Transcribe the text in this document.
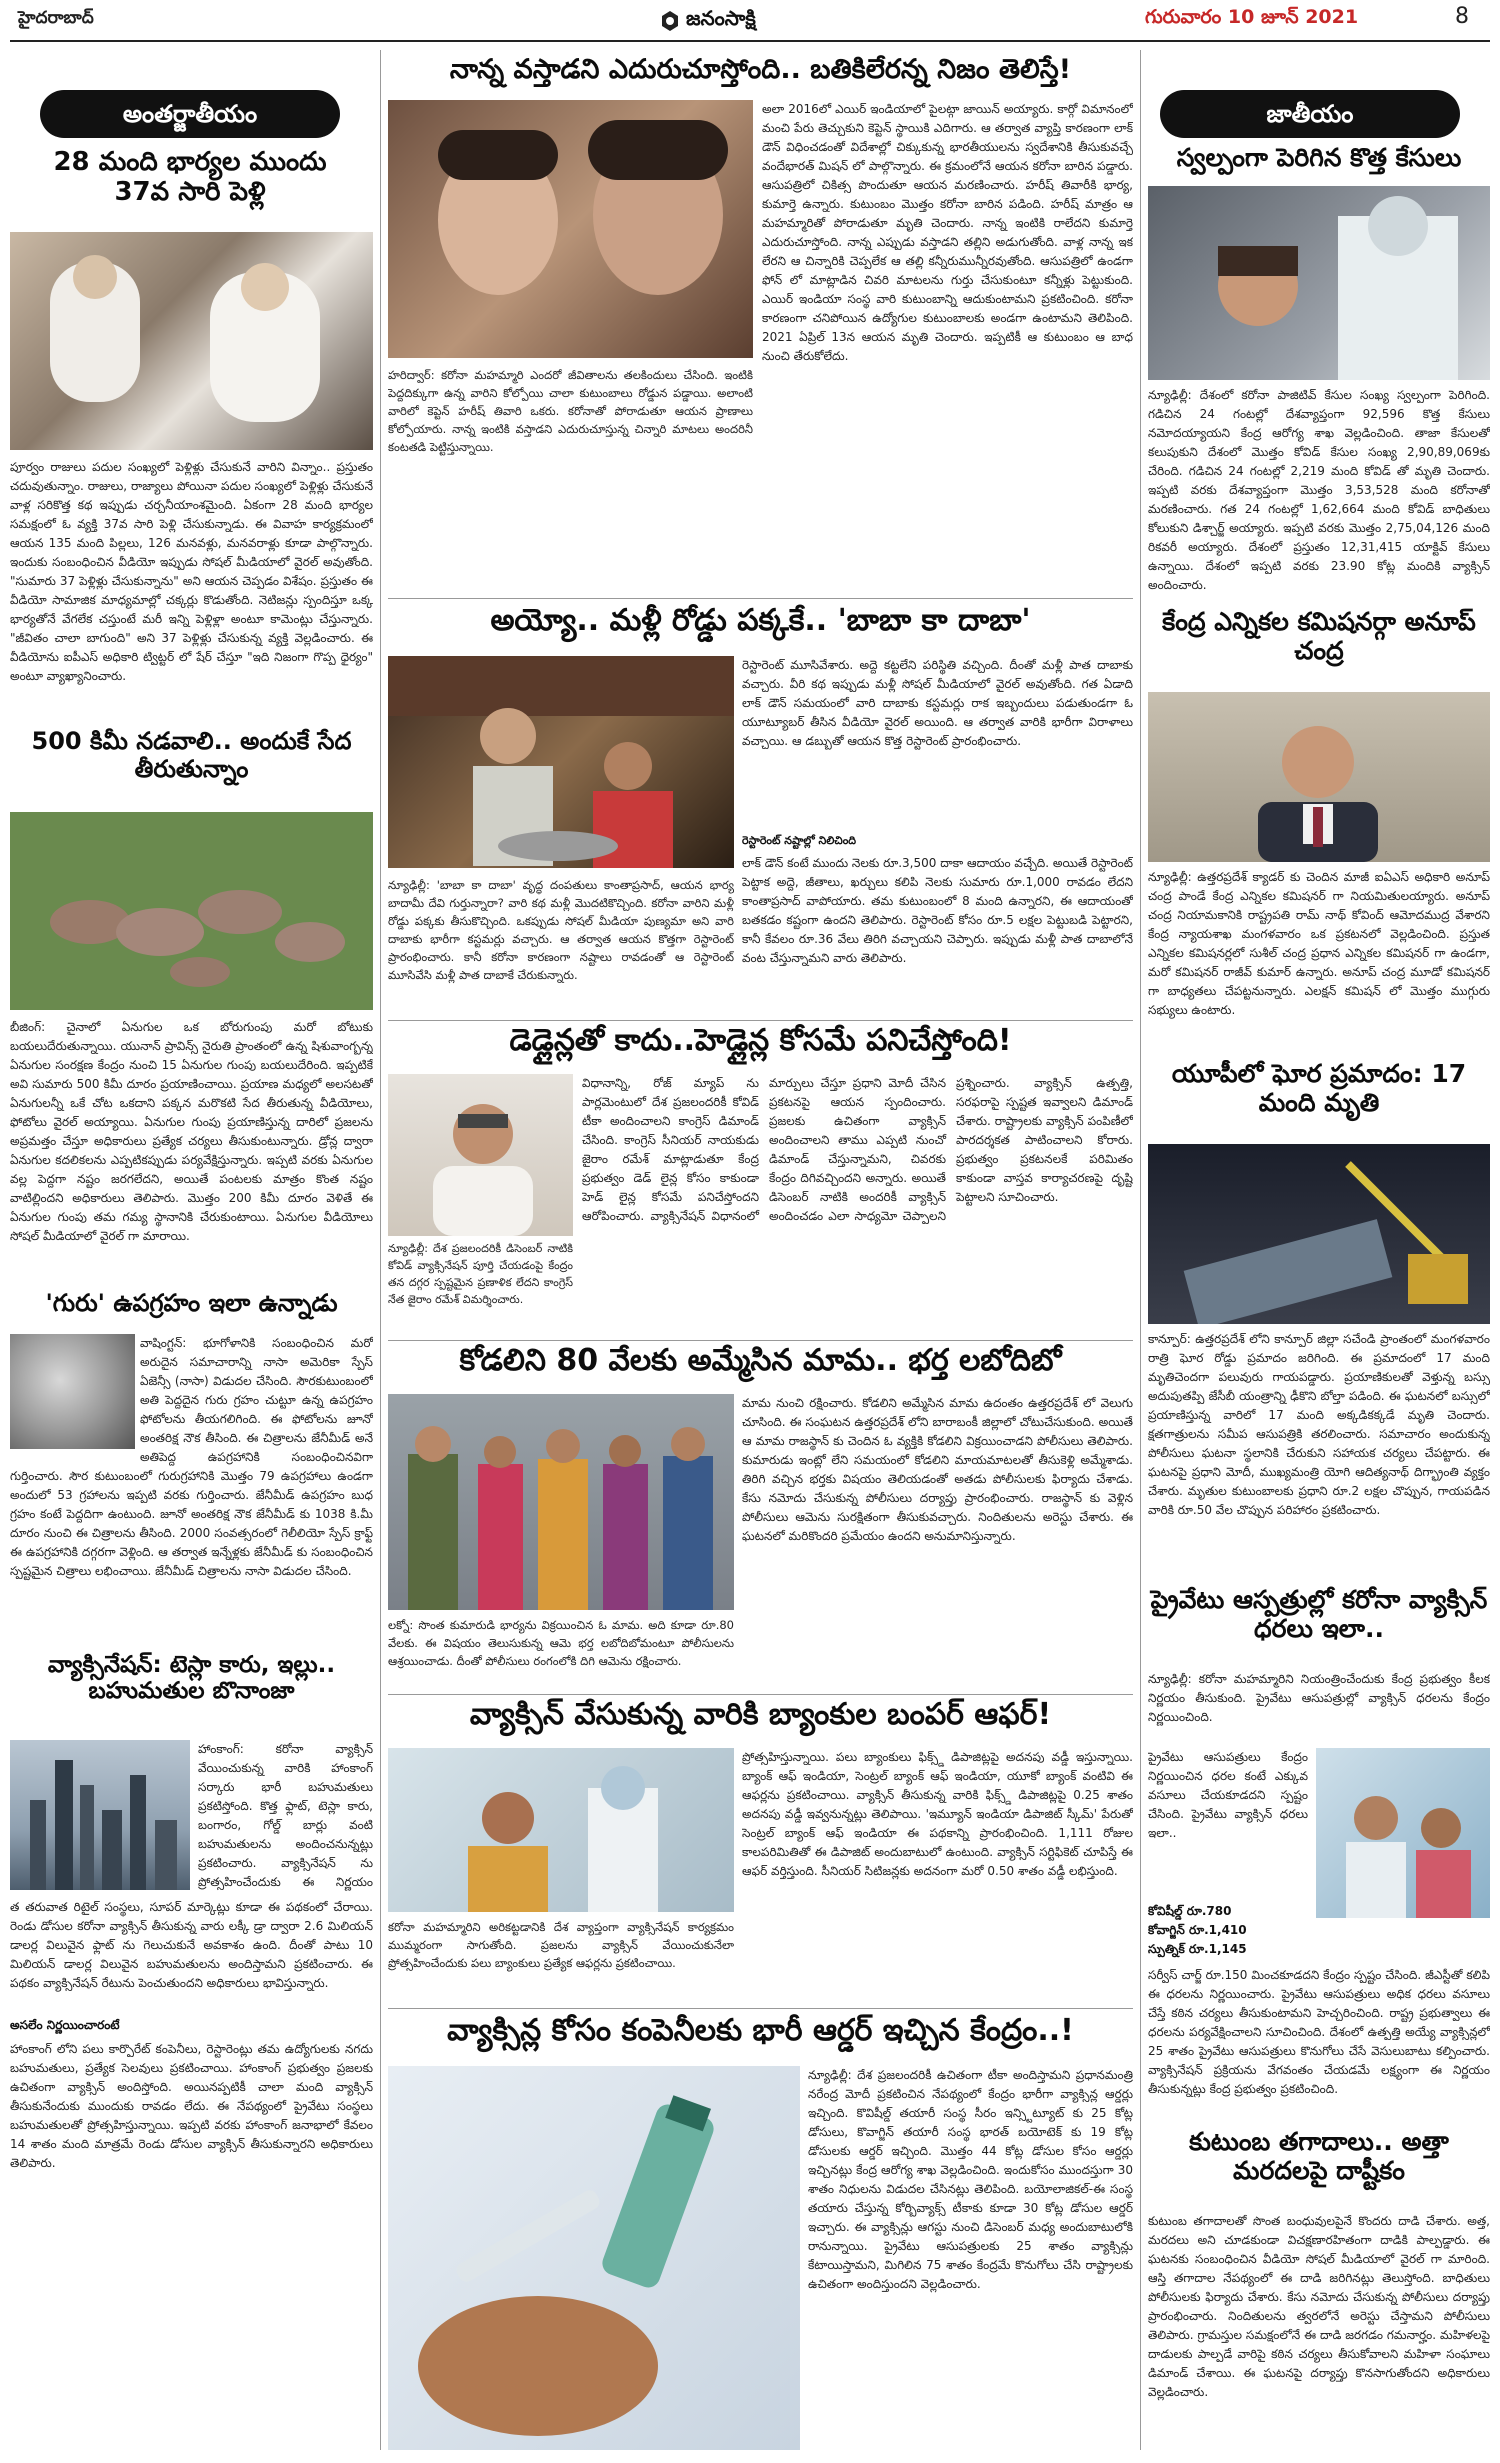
హైదరాబాద్	జనంసాక్షి	గురువారం 10 జూన్ 2021	8
అంతర్జాతీయం
28 మంది భార్యల ముందు 37వ సారి పెళ్లి
పూర్వం రాజులు పదుల సంఖ్యలో పెళ్లిళ్లు చేసుకునే వారిని విన్నాం.. ప్రస్తుతం చదువుతున్నాం. రాజులు, రాజ్యాలు పోయినా పదుల సంఖ్యలో పెళ్లిళ్లు చేసుకునే వాళ్ల సరికొత్త కథ ఇప్పుడు చర్చనీయాంశమైంది. ఏకంగా 28 మంది భార్యల సమక్షంలో ఓ వ్యక్తి 37వ సారి పెళ్లి చేసుకున్నాడు. ఈ వివాహ కార్యక్రమంలో ఆయన 135 మంది పిల్లలు, 126 మనవళ్లు, మనవరాళ్లు కూడా పాల్గొన్నారు. ఇందుకు సంబంధించిన వీడియో ఇప్పుడు సోషల్ మీడియాలో వైరల్ అవుతోంది. "సుమారు 37 పెళ్లిళ్లు చేసుకున్నాను" అని ఆయన చెప్పడం విశేషం. ప్రస్తుతం ఈ వీడియో సామాజిక మాధ్యమాల్లో చక్కర్లు కొడుతోంది. నెటిజన్లు స్పందిస్తూ ఒక్క భార్యతోనే వేగలేక చస్తుంటే మరీ ఇన్ని పెళ్లిళ్లా అంటూ కామెంట్లు చేస్తున్నారు. "జీవితం చాలా బాగుంది" అని 37 పెళ్లిళ్లు చేసుకున్న వ్యక్తి వెల్లడించారు. ఈ వీడియోను ఐపీఎస్ అధికారి ట్విట్టర్ లో షేర్ చేస్తూ "ఇది నిజంగా గొప్ప ధైర్యం" అంటూ వ్యాఖ్యానించారు.
500 కిమీ నడవాలి.. అందుకే సేద తీరుతున్నాం
బీజింగ్: చైనాలో ఏనుగుల ఒక బోరుగుంపు మరో బోటుకు బయలుదేరుతున్నాయి. యునాన్ ప్రావిన్స్ నైరుతి ప్రాంతంలో ఉన్న షిశువాంగ్బన్న ఏనుగుల సంరక్షణ కేంద్రం నుంచి 15 ఏనుగుల గుంపు బయలుదేరింది. ఇప్పటికే అవి సుమారు 500 కిమీ దూరం ప్రయాణించాయి. ప్రయాణ మధ్యలో అలసటతో ఏనుగులన్నీ ఒకే చోట ఒకదాని పక్కన మరొకటి సేద తీరుతున్న వీడియోలు, ఫోటోలు వైరల్ అయ్యాయి. ఏనుగుల గుంపు ప్రయాణిస్తున్న దారిలో ప్రజలను అప్రమత్తం చేస్తూ అధికారులు ప్రత్యేక చర్యలు తీసుకుంటున్నారు. డ్రోన్ల ద్వారా ఏనుగుల కదలికలను ఎప్పటికప్పుడు పర్యవేక్షిస్తున్నారు. ఇప్పటి వరకు ఏనుగుల వల్ల పెద్దగా నష్టం జరగలేదని, అయితే పంటలకు మాత్రం కొంత నష్టం వాటిల్లిందని అధికారులు తెలిపారు. మొత్తం 200 కిమీ దూరం వెళితే ఈ ఏనుగుల గుంపు తమ గమ్య స్థానానికి చేరుకుంటాయి. ఏనుగుల వీడియోలు సోషల్ మీడియాలో వైరల్ గా మారాయి.
'గురు' ఉపగ్రహం ఇలా ఉన్నాడు
వాషింగ్టన్: భూగోళానికి సంబంధించిన మరో అరుదైన సమాచారాన్ని నాసా అమెరికా స్పేస్ ఏజెన్సీ (నాసా) విడుదల చేసింది. సౌరకుటుంబంలో అతి పెద్దదైన గురు గ్రహం చుట్టూ ఉన్న ఉపగ్రహం ఫోటోలను తీయగలిగింది. ఈ ఫోటోలను జూనో అంతరిక్ష నౌక తీసింది. ఈ చిత్రాలను జేనీమీడ్ అనే అతిపెద్ద ఉపగ్రహానికి సంబంధించినవిగా గుర్తించారు. సౌర కుటుంబంలో గురుగ్రహానికి మొత్తం 79 ఉపగ్రహాలు ఉండగా అందులో 53 గ్రహాలను ఇప్పటి వరకు గుర్తించారు. జేనీమీడ్ ఉపగ్రహం బుధ గ్రహం కంటే పెద్దదిగా ఉంటుంది. జూనో అంతరిక్ష నౌక జేనీమీడ్ కు 1038 కి.మీ దూరం నుంచి ఈ చిత్రాలను తీసింది. 2000 సంవత్సరంలో గెలీలియో స్పేస్ క్రాఫ్ట్ ఈ ఉపగ్రహానికి దగ్గరగా వెళ్లింది. ఆ తర్వాత ఇన్నేళ్లకు జేనీమీడ్ కు సంబంధించిన స్పష్టమైన చిత్రాలు లభించాయి. జేనీమీడ్ చిత్రాలను నాసా విడుదల చేసింది.
వ్యాక్సినేషన్: టెస్లా కారు, ఇల్లు.. బహుమతుల బొనాంజా
హాంకాంగ్: కరోనా వ్యాక్సిన్ వేయించుకున్న వారికి హాంకాంగ్ సర్కారు భారీ బహుమతులు ప్రకటిస్తోంది. కొత్త ఫ్లాట్, టెస్లా కారు, బంగారం, గోల్డ్ బార్లు వంటి బహుమతులను అందించనున్నట్లు ప్రకటించారు. వ్యాక్సినేషన్ ను ప్రోత్సహించేందుకు ఈ నిర్ణయం
త తరువాత రిటైల్ సంస్థలు, సూపర్ మార్కెట్లు కూడా ఈ పథకంలో చేరాయి. రెండు డోసుల కరోనా వ్యాక్సిన్ తీసుకున్న వారు లక్కీ డ్రా ద్వారా 2.6 మిలియన్ డాలర్ల విలువైన ఫ్లాట్ ను గెలుచుకునే అవకాశం ఉంది. దీంతో పాటు 10 మిలియన్ డాలర్ల విలువైన బహుమతులను అందిస్తామని ప్రకటించారు. ఈ పథకం వ్యాక్సినేషన్ రేటును పెంచుతుందని అధికారులు భావిస్తున్నారు.
అసలేం నిర్ణయించారంటే
హాంకాంగ్ లోని పలు కార్పొరేట్ కంపెనీలు, రెస్టారెంట్లు తమ ఉద్యోగులకు నగదు బహుమతులు, ప్రత్యేక సెలవులు ప్రకటించాయి. హాంకాంగ్ ప్రభుత్వం ప్రజలకు ఉచితంగా వ్యాక్సిన్ అందిస్తోంది. అయినప్పటికీ చాలా మంది వ్యాక్సిన్ తీసుకునేందుకు ముందుకు రావడం లేదు. ఈ నేపథ్యంలో ప్రైవేటు సంస్థలు బహుమతులతో ప్రోత్సహిస్తున్నాయి. ఇప్పటి వరకు హాంకాంగ్ జనాభాలో కేవలం 14 శాతం మంది మాత్రమే రెండు డోసుల వ్యాక్సిన్ తీసుకున్నారని అధికారులు తెలిపారు.
నాన్న వస్తాడని ఎదురుచూస్తోంది.. బతికిలేరన్న నిజం తెలిస్తే!
హరిద్వార్: కరోనా మహమ్మారి ఎందరో జీవితాలను తలకిందులు చేసింది. ఇంటికి పెద్దదిక్కుగా ఉన్న వారిని కోల్పోయి చాలా కుటుంబాలు రోడ్డున పడ్డాయి. అలాంటి వారిలో కెప్టెన్ హరీష్ తివారి ఒకరు. కరోనాతో పోరాడుతూ ఆయన ప్రాణాలు కోల్పోయారు. నాన్న ఇంటికి వస్తాడని ఎదురుచూస్తున్న చిన్నారి మాటలు అందరినీ కంటతడి పెట్టిస్తున్నాయి.
అలా 2016లో ఎయిర్ ఇండియాలో పైలట్గా జాయిన్ అయ్యారు. కార్గో విమానంలో మంచి పేరు తెచ్చుకుని కెప్టెన్ స్థాయికి ఎదిగారు. ఆ తర్వాత వ్యాప్తి కారణంగా లాక్ డౌన్ విధించడంతో విదేశాల్లో చిక్కుకున్న భారతీయులను స్వదేశానికి తీసుకువచ్చే వందేభారత్ మిషన్ లో పాల్గొన్నారు. ఈ క్రమంలోనే ఆయన కరోనా బారిన పడ్డారు. ఆసుపత్రిలో చికిత్స పొందుతూ ఆయన మరణించారు. హరీష్ తివారీకి భార్య, కుమార్తె ఉన్నారు. కుటుంబం మొత్తం కరోనా బారిన పడింది. హరీష్ మాత్రం ఆ మహమ్మారితో పోరాడుతూ మృతి చెందారు. నాన్న ఇంటికి రాలేదని కుమార్తె ఎదురుచూస్తోంది. నాన్న ఎప్పుడు వస్తాడని తల్లిని అడుగుతోంది. వాళ్ల నాన్న ఇక లేరని ఆ చిన్నారికి చెప్పలేక ఆ తల్లి కన్నీరుమున్నీరవుతోంది. ఆసుపత్రిలో ఉండగా ఫోన్ లో మాట్లాడిన చివరి మాటలను గుర్తు చేసుకుంటూ కన్నీళ్లు పెట్టుకుంది. ఎయిర్ ఇండియా సంస్థ వారి కుటుంబాన్ని ఆదుకుంటామని ప్రకటించింది. కరోనా కారణంగా చనిపోయిన ఉద్యోగుల కుటుంబాలకు అండగా ఉంటామని తెలిపింది. 2021 ఏప్రిల్ 13న ఆయన మృతి చెందారు. ఇప్పటికీ ఆ కుటుంబం ఆ బాధ నుంచి తేరుకోలేదు.
అయ్యో.. మళ్లీ రోడ్డు పక్కకే.. 'బాబా కా దాబా'
న్యూఢిల్లీ: 'బాబా కా దాబా' వృద్ధ దంపతులు కాంతాప్రసాద్, ఆయన భార్య బాదామీ దేవి గుర్తున్నారా? వారి కథ మళ్లీ మొదటికొచ్చింది. కరోనా వారిని మళ్లీ రోడ్డు పక్కకు తీసుకొచ్చింది. ఒకప్పుడు సోషల్ మీడియా పుణ్యమా అని వారి దాబాకు భారీగా కస్టమర్లు వచ్చారు. ఆ తర్వాత ఆయన కొత్తగా రెస్టారెంట్ ప్రారంభించారు. కానీ కరోనా కారణంగా నష్టాలు రావడంతో ఆ రెస్టారెంట్ మూసివేసి మళ్లీ పాత దాబాకే చేరుకున్నారు.
రెస్టారెంట్ మూసివేశారు. అద్దె కట్టలేని పరిస్థితి వచ్చింది. దీంతో మళ్లీ పాత దాబాకు వచ్చారు. వీరి కథ ఇప్పుడు మళ్లీ సోషల్ మీడియాలో వైరల్ అవుతోంది. గత ఏడాది లాక్ డౌన్ సమయంలో వారి దాబాకు కస్టమర్లు రాక ఇబ్బందులు పడుతుండగా ఓ యూట్యూబర్ తీసిన వీడియో వైరల్ అయింది. ఆ తర్వాత వారికి భారీగా విరాళాలు వచ్చాయి. ఆ డబ్బుతో ఆయన కొత్త రెస్టారెంట్ ప్రారంభించారు.
రెస్టారెంట్ నష్టాల్లో నిలిచింది
లాక్ డౌన్ కంటే ముందు నెలకు రూ.3,500 దాకా ఆదాయం వచ్చేది. అయితే రెస్టారెంట్ పెట్టాక అద్దె, జీతాలు, ఖర్చులు కలిపి నెలకు సుమారు రూ.1,000 రావడం లేదని కాంతాప్రసాద్ వాపోయారు. తమ కుటుంబంలో 8 మంది ఉన్నారని, ఈ ఆదాయంతో బతకడం కష్టంగా ఉందని తెలిపారు. రెస్టారెంట్ కోసం రూ.5 లక్షల పెట్టుబడి పెట్టారని, కానీ కేవలం రూ.36 వేలు తిరిగి వచ్చాయని చెప్పారు. ఇప్పుడు మళ్లీ పాత దాబాలోనే వంట చేస్తున్నామని వారు తెలిపారు.
డెడ్లైన్లతో కాదు..హెడ్లైన్ల కోసమే పనిచేస్తోంది!
న్యూఢిల్లీ: దేశ ప్రజలందరికీ డిసెంబర్ నాటికి కోవిడ్ వ్యాక్సినేషన్ పూర్తి చేయడంపై కేంద్రం తన దగ్గర స్పష్టమైన ప్రణాళిక లేదని కాంగ్రెస్ నేత జైరాం రమేశ్ విమర్శించారు.
విధానాన్ని, రోజ్ మ్యాప్ ను పార్లమెంటులో దేశ ప్రజలందరికీ కోవిడ్ టీకా అందించాలని కాంగ్రెస్ డిమాండ్ చేసింది. కాంగ్రెస్ సీనియర్ నాయకుడు జైరాం రమేశ్ మాట్లాడుతూ కేంద్ర ప్రభుత్వం డెడ్ లైన్ల కోసం కాకుండా హెడ్ లైన్ల కోసమే పనిచేస్తోందని ఆరోపించారు. వ్యాక్సినేషన్ విధానంలో మార్పులు చేస్తూ ప్రధాని మోదీ చేసిన ప్రకటనపై ఆయన స్పందించారు. ప్రజలకు ఉచితంగా వ్యాక్సిన్ అందించాలని తాము ఎప్పటి నుంచో డిమాండ్ చేస్తున్నామని, చివరకు కేంద్రం దిగివచ్చిందని అన్నారు. అయితే డిసెంబర్ నాటికి అందరికీ వ్యాక్సిన్ అందించడం ఎలా సాధ్యమో చెప్పాలని ప్రశ్నించారు. వ్యాక్సిన్ ఉత్పత్తి, సరఫరాపై స్పష్టత ఇవ్వాలని డిమాండ్ చేశారు. రాష్ట్రాలకు వ్యాక్సిన్ పంపిణీలో పారదర్శకత పాటించాలని కోరారు. ప్రభుత్వం ప్రకటనలకే పరిమితం కాకుండా వాస్తవ కార్యాచరణపై దృష్టి పెట్టాలని సూచించారు.
కోడలిని 80 వేలకు అమ్మేసిన మామ.. భర్త లబోదిబో
లక్నో: సొంత కుమారుడి భార్యను విక్రయించిన ఓ మామ. అది కూడా రూ.80 వేలకు. ఈ విషయం తెలుసుకున్న ఆమె భర్త లబోదిబోమంటూ పోలీసులను ఆశ్రయించాడు. దీంతో పోలీసులు రంగంలోకి దిగి ఆమెను రక్షించారు.
మామ నుంచి రక్షించారు. కోడలిని అమ్మేసిన మామ ఉదంతం ఉత్తరప్రదేశ్ లో వెలుగు చూసింది. ఈ సంఘటన ఉత్తరప్రదేశ్ లోని బారాబంకీ జిల్లాలో చోటుచేసుకుంది. అయితే ఆ మామ రాజస్థాన్ కు చెందిన ఓ వ్యక్తికి కోడలిని విక్రయించాడని పోలీసులు తెలిపారు. కుమారుడు ఇంట్లో లేని సమయంలో కోడలిని మాయమాటలతో తీసుకెళ్లి అమ్మేశాడు. తిరిగి వచ్చిన భర్తకు విషయం తెలియడంతో అతడు పోలీసులకు ఫిర్యాదు చేశాడు. కేసు నమోదు చేసుకున్న పోలీసులు దర్యాప్తు ప్రారంభించారు. రాజస్థాన్ కు వెళ్లిన పోలీసులు ఆమెను సురక్షితంగా తీసుకువచ్చారు. నిందితులను అరెస్టు చేశారు. ఈ ఘటనలో మరికొందరి ప్రమేయం ఉందని అనుమానిస్తున్నారు.
వ్యాక్సిన్ వేసుకున్న వారికి బ్యాంకుల బంపర్ ఆఫర్!
కరోనా మహమ్మారిని అరికట్టడానికి దేశ వ్యాప్తంగా వ్యాక్సినేషన్ కార్యక్రమం ముమ్మరంగా సాగుతోంది. ప్రజలను వ్యాక్సిన్ వేయించుకునేలా ప్రోత్సహించేందుకు పలు బ్యాంకులు ప్రత్యేక ఆఫర్లను ప్రకటించాయి.
ప్రోత్సహిస్తున్నాయి. పలు బ్యాంకులు ఫిక్స్డ్ డిపాజిట్లపై అదనపు వడ్డీ ఇస్తున్నాయి. బ్యాంక్ ఆఫ్ ఇండియా, సెంట్రల్ బ్యాంక్ ఆఫ్ ఇండియా, యూకో బ్యాంక్ వంటివి ఈ ఆఫర్లను ప్రకటించాయి. వ్యాక్సిన్ తీసుకున్న వారికి ఫిక్స్డ్ డిపాజిట్లపై 0.25 శాతం అదనపు వడ్డీ ఇవ్వనున్నట్లు తెలిపాయి. 'ఇమ్యూన్ ఇండియా డిపాజిట్ స్కీమ్' పేరుతో సెంట్రల్ బ్యాంక్ ఆఫ్ ఇండియా ఈ పథకాన్ని ప్రారంభించింది. 1,111 రోజుల కాలపరిమితితో ఈ డిపాజిట్ అందుబాటులో ఉంటుంది. వ్యాక్సిన్ సర్టిఫికెట్ చూపిస్తే ఈ ఆఫర్ వర్తిస్తుంది. సీనియర్ సిటిజన్లకు అదనంగా మరో 0.50 శాతం వడ్డీ లభిస్తుంది.
వ్యాక్సిన్ల కోసం కంపెనీలకు భారీ ఆర్డర్ ఇచ్చిన కేంద్రం..!
న్యూఢిల్లీ: దేశ ప్రజలందరికీ ఉచితంగా టీకా అందిస్తామని ప్రధానమంత్రి నరేంద్ర మోదీ ప్రకటించిన నేపథ్యంలో కేంద్రం భారీగా వ్యాక్సిన్ల ఆర్డర్లు ఇచ్చింది. కొవిషీల్డ్ తయారీ సంస్థ సీరం ఇన్స్టిట్యూట్ కు 25 కోట్ల డోసులు, కొవాగ్జిన్ తయారీ సంస్థ భారత్ బయోటెక్ కు 19 కోట్ల డోసులకు ఆర్డర్ ఇచ్చింది. మొత్తం 44 కోట్ల డోసుల కోసం ఆర్డర్లు ఇచ్చినట్లు కేంద్ర ఆరోగ్య శాఖ వెల్లడించింది. ఇందుకోసం ముందస్తుగా 30 శాతం నిధులను విడుదల చేసినట్లు తెలిపింది. బయోలాజికల్-ఈ సంస్థ తయారు చేస్తున్న కోర్బివ్యాక్స్ టీకాకు కూడా 30 కోట్ల డోసుల ఆర్డర్ ఇచ్చారు. ఈ వ్యాక్సిన్లు ఆగస్టు నుంచి డిసెంబర్ మధ్య అందుబాటులోకి రానున్నాయి. ప్రైవేటు ఆసుపత్రులకు 25 శాతం వ్యాక్సిన్లు కేటాయిస్తామని, మిగిలిన 75 శాతం కేంద్రమే కొనుగోలు చేసి రాష్ట్రాలకు ఉచితంగా అందిస్తుందని వెల్లడించారు.
జాతీయం
స్వల్పంగా పెరిగిన కొత్త కేసులు
న్యూఢిల్లీ: దేశంలో కరోనా పాజిటివ్ కేసుల సంఖ్య స్వల్పంగా పెరిగింది. గడిచిన 24 గంటల్లో దేశవ్యాప్తంగా 92,596 కొత్త కేసులు నమోదయ్యాయని కేంద్ర ఆరోగ్య శాఖ వెల్లడించింది. తాజా కేసులతో కలుపుకుని దేశంలో మొత్తం కోవిడ్ కేసుల సంఖ్య 2,90,89,069కు చేరింది. గడిచిన 24 గంటల్లో 2,219 మంది కోవిడ్ తో మృతి చెందారు. ఇప్పటి వరకు దేశవ్యాప్తంగా మొత్తం 3,53,528 మంది కరోనాతో మరణించారు. గత 24 గంటల్లో 1,62,664 మంది కోవిడ్ బాధితులు కోలుకుని డిశ్చార్జ్ అయ్యారు. ఇప్పటి వరకు మొత్తం 2,75,04,126 మంది రికవరీ అయ్యారు. దేశంలో ప్రస్తుతం 12,31,415 యాక్టివ్ కేసులు ఉన్నాయి. దేశంలో ఇప్పటి వరకు 23.90 కోట్ల మందికి వ్యాక్సిన్ అందించారు.
కేంద్ర ఎన్నికల కమిషనర్గా అనూప్ చంద్ర
న్యూఢిల్లీ: ఉత్తరప్రదేశ్ క్యాడర్ కు చెందిన మాజీ ఐఏఎస్ అధికారి అనూప్ చంద్ర పాండే కేంద్ర ఎన్నికల కమిషనర్ గా నియమితులయ్యారు. అనూప్ చంద్ర నియామకానికి రాష్ట్రపతి రామ్ నాథ్ కోవింద్ ఆమోదముద్ర వేశారని కేంద్ర న్యాయశాఖ మంగళవారం ఒక ప్రకటనలో వెల్లడించింది. ప్రస్తుత ఎన్నికల కమిషనర్లలో సుశీల్ చంద్ర ప్రధాన ఎన్నికల కమిషనర్ గా ఉండగా, మరో కమిషనర్ రాజీవ్ కుమార్ ఉన్నారు. అనూప్ చంద్ర మూడో కమిషనర్ గా బాధ్యతలు చేపట్టనున్నారు. ఎలక్షన్ కమిషన్ లో మొత్తం ముగ్గురు సభ్యులు ఉంటారు.
యూపీలో ఘోర ప్రమాదం: 17 మంది మృతి
కాన్పూర్: ఉత్తరప్రదేశ్ లోని కాన్పూర్ జిల్లా సచేండి ప్రాంతంలో మంగళవారం రాత్రి ఘోర రోడ్డు ప్రమాదం జరిగింది. ఈ ప్రమాదంలో 17 మంది మృతిచెందగా పలువురు గాయపడ్డారు. ప్రయాణికులతో వెళ్తున్న బస్సు అదుపుతప్పి జేసీబీ యంత్రాన్ని ఢీకొని బోల్తా పడింది. ఈ ఘటనలో బస్సులో ప్రయాణిస్తున్న వారిలో 17 మంది అక్కడికక్కడే మృతి చెందారు. క్షతగాత్రులను సమీప ఆసుపత్రికి తరలించారు. సమాచారం అందుకున్న పోలీసులు ఘటనా స్థలానికి చేరుకుని సహాయక చర్యలు చేపట్టారు. ఈ ఘటనపై ప్రధాని మోదీ, ముఖ్యమంత్రి యోగి ఆదిత్యనాథ్ దిగ్భ్రాంతి వ్యక్తం చేశారు. మృతుల కుటుంబాలకు ప్రధాని రూ.2 లక్షల చొప్పున, గాయపడిన వారికి రూ.50 వేల చొప్పున పరిహారం ప్రకటించారు.
ప్రైవేటు ఆస్పత్రుల్లో కరోనా వ్యాక్సిన్ ధరలు ఇలా..
న్యూఢిల్లీ: కరోనా మహమ్మారిని నియంత్రించేందుకు కేంద్ర ప్రభుత్వం కీలక నిర్ణయం తీసుకుంది. ప్రైవేటు ఆసుపత్రుల్లో వ్యాక్సిన్ ధరలను కేంద్రం నిర్ణయించింది.
ప్రైవేటు ఆసుపత్రులు కేంద్రం నిర్ణయించిన ధరల కంటే ఎక్కువ వసూలు చేయకూడదని స్పష్టం చేసింది. ప్రైవేటు వ్యాక్సిన్ ధరలు ఇలా..
కోవిషీల్డ్ రూ.780
కోవాగ్జిన్ రూ.1,410
స్పుత్నిక్ రూ.1,145
సర్వీస్ చార్జ్ రూ.150 మించకూడదని కేంద్రం స్పష్టం చేసింది. జీఎస్టీతో కలిపి ఈ ధరలను నిర్ణయించారు. ప్రైవేటు ఆసుపత్రులు అధిక ధరలు వసూలు చేస్తే కఠిన చర్యలు తీసుకుంటామని హెచ్చరించింది. రాష్ట్ర ప్రభుత్వాలు ఈ ధరలను పర్యవేక్షించాలని సూచించింది. దేశంలో ఉత్పత్తి అయ్యే వ్యాక్సిన్లలో 25 శాతం ప్రైవేటు ఆసుపత్రులు కొనుగోలు చేసే వెసులుబాటు కల్పించారు. వ్యాక్సినేషన్ ప్రక్రియను వేగవంతం చేయడమే లక్ష్యంగా ఈ నిర్ణయం తీసుకున్నట్లు కేంద్ర ప్రభుత్వం ప్రకటించింది.
కుటుంబ తగాదాలు.. అత్తా మరదలపై దాష్టీకం
కుటుంబ తగాదాలతో సొంత బంధువులపైనే కొందరు దాడి చేశారు. అత్త, మరదలు అని చూడకుండా విచక్షణారహితంగా దాడికి పాల్పడ్డారు. ఈ ఘటనకు సంబంధించిన వీడియో సోషల్ మీడియాలో వైరల్ గా మారింది. ఆస్తి తగాదాల నేపథ్యంలో ఈ దాడి జరిగినట్లు తెలుస్తోంది. బాధితులు పోలీసులకు ఫిర్యాదు చేశారు. కేసు నమోదు చేసుకున్న పోలీసులు దర్యాప్తు ప్రారంభించారు. నిందితులను త్వరలోనే అరెస్టు చేస్తామని పోలీసులు తెలిపారు. గ్రామస్తుల సమక్షంలోనే ఈ దాడి జరగడం గమనార్హం. మహిళలపై దాడులకు పాల్పడే వారిపై కఠిన చర్యలు తీసుకోవాలని మహిళా సంఘాలు డిమాండ్ చేశాయి. ఈ ఘటనపై దర్యాప్తు కొనసాగుతోందని అధికారులు వెల్లడించారు.
